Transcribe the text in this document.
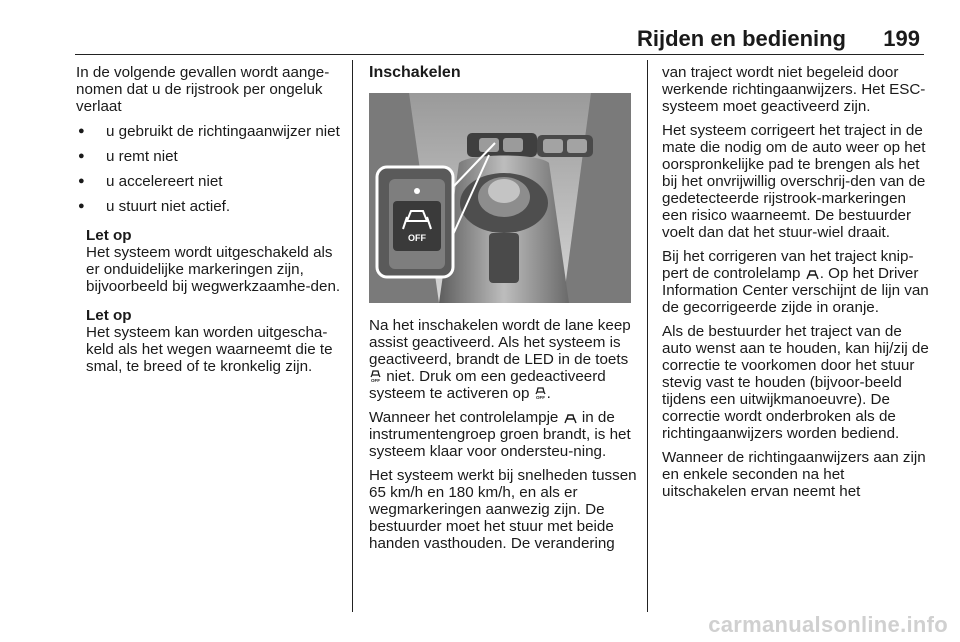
Rijden en bediening 199

In de volgende gevallen wordt aange-nomen dat u de rijstrook per ongeluk verlaat

● u gebruikt de richtingaanwijzer niet
● u remt niet
● u accelereert niet
● u stuurt niet actief.
Let op

Het systeem wordt uitgeschakeld als er onduidelijke markeringen zijn, bijvoorbeeld bij wegwerkzaamhe-den.

Let op

Het systeem kan worden uitgescha-keld als het wegen waarneemt die te smal, te breed of te kronkelig zijn.

Inschakelen
OFF

Na het inschakelen wordt de lane keep assist geactiveerd. Als het systeem is geactiveerd, brandt de LED in de toets
OFF niet. Druk om een gedeactiveerd systeem te activeren op OFF .

Wanneer het controlelampje  in de instrumentengroep groen brandt, is het systeem klaar voor ondersteu-ning.

Het systeem werkt bij snelheden tussen 65 km/h en 180 km/h, en als er wegmarkeringen aanwezig zijn. De bestuurder moet het stuur met beide handen vasthouden. De verandering

van traject wordt niet begeleid door werkende richtingaanwijzers. Het ESC-systeem moet geactiveerd zijn.

Het systeem corrigeert het traject in de mate die nodig om de auto weer op het oorspronkelijke pad te brengen als het bij het onvrijwillig overschrij-den van de gedetecteerde rijstrook-markeringen een risico waarneemt. De bestuurder voelt dan dat het stuur-wiel draait.

Bij het corrigeren van het traject knip-pert de controlelamp . Op het Driver Information Center verschijnt de lijn van de gecorrigeerde zijde in oranje.

Als de bestuurder het traject van de auto wenst aan te houden, kan hij/zij de correctie te voorkomen door het stuur stevig vast te houden (bijvoor-beeld tijdens een uitwijkmanoeuvre). De correctie wordt onderbroken als de richtingaanwijzers worden bediend.

Wanneer de richtingaanwijzers aan zijn en enkele seconden na het uitschakelen ervan neemt het

carmanualsonline.info
